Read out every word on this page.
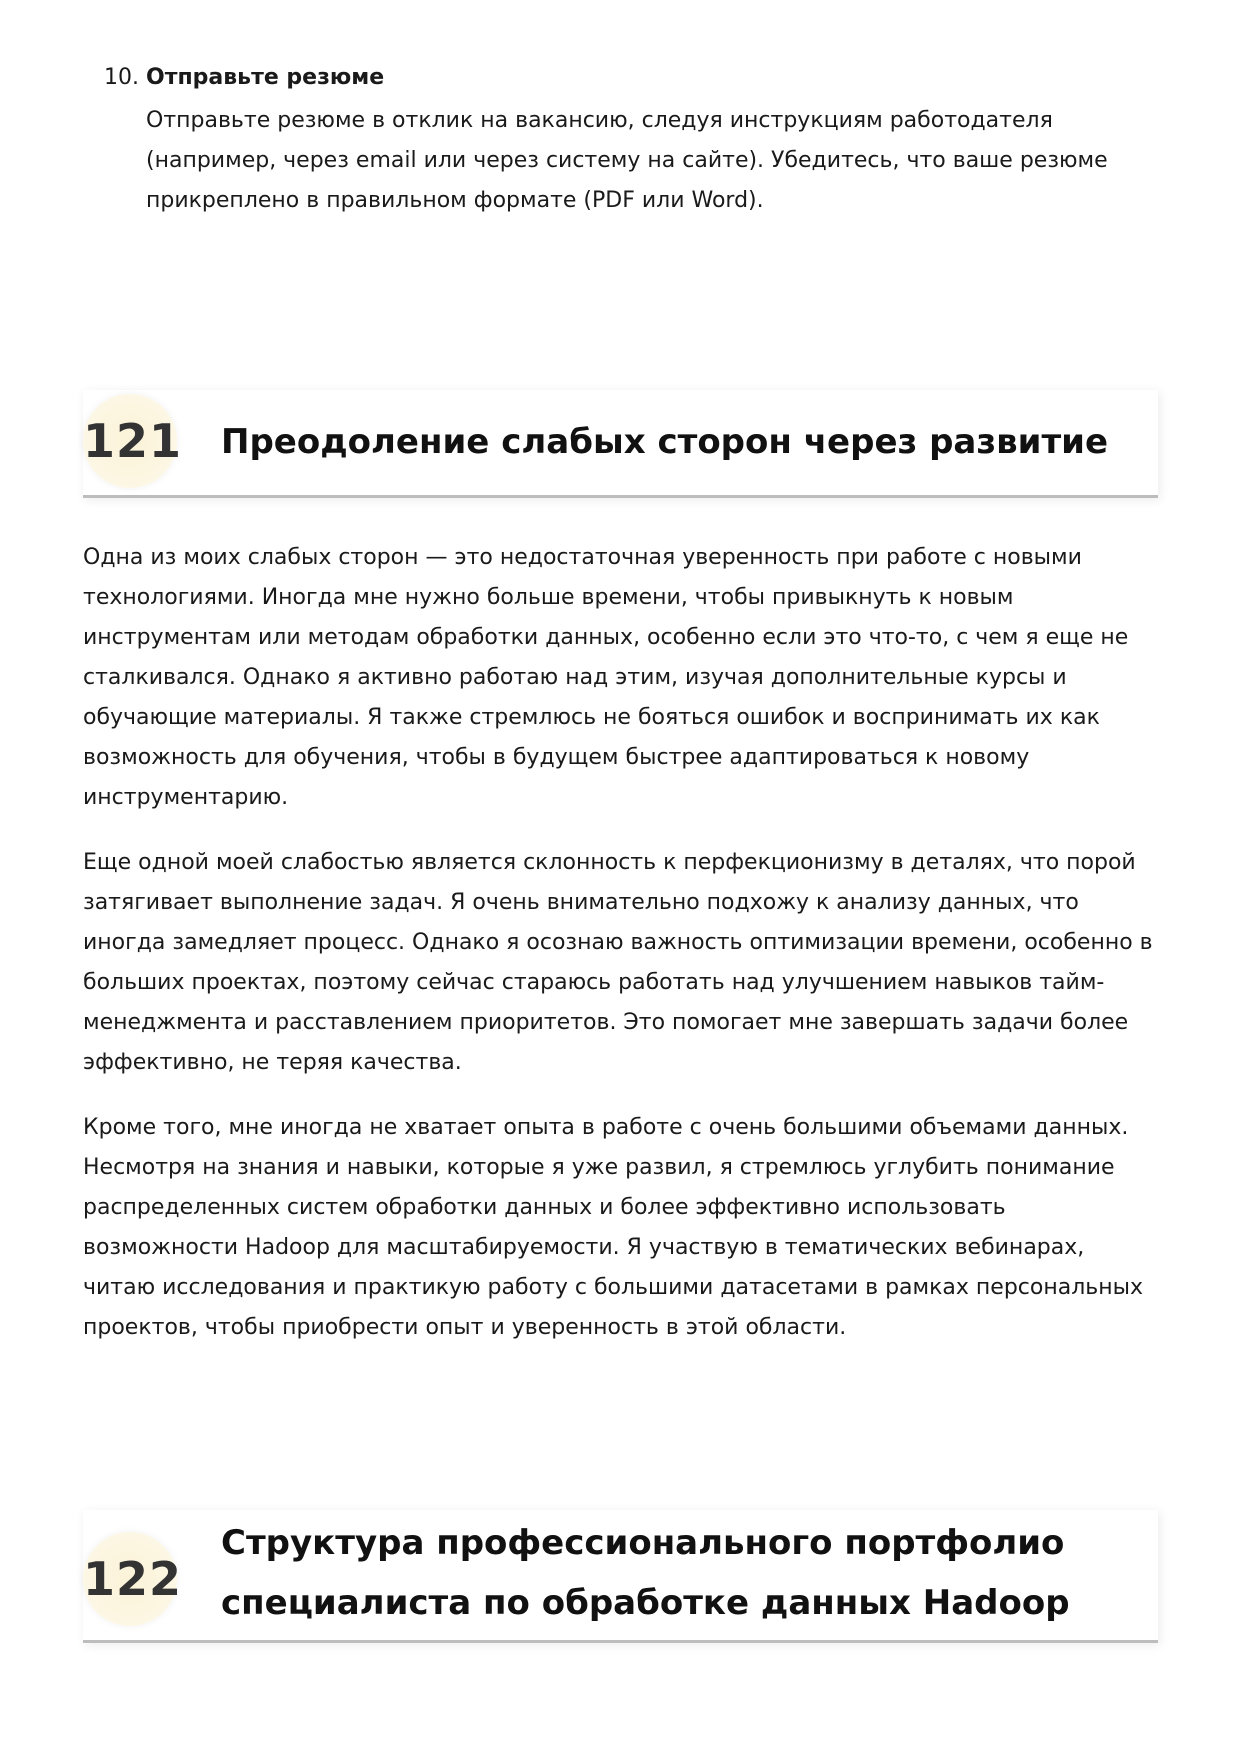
10. Отправьте резюме
Отправьте резюме в отклик на вакансию, следуя инструкциям работодателя (например, через email или через систему на сайте). Убедитесь, что ваше резюме прикреплено в правильном формате (PDF или Word).
121 Преодоление слабых сторон через развитие

Одна из моих слабых сторон — это недостаточная уверенность при работе с новыми технологиями. Иногда мне нужно больше времени, чтобы привыкнуть к новым инструментам или методам обработки данных, особенно если это что-то, с чем я еще не сталкивался. Однако я активно работаю над этим, изучая дополнительные курсы и обучающие материалы. Я также стремлюсь не бояться ошибок и воспринимать их как возможность для обучения, чтобы в будущем быстрее адаптироваться к новому инструментарию.

Еще одной моей слабостью является склонность к перфекционизму в деталях, что порой затягивает выполнение задач. Я очень внимательно подхожу к анализу данных, что иногда замедляет процесс. Однако я осознаю важность оптимизации времени, особенно в больших проектах, поэтому сейчас стараюсь работать над улучшением навыков тайм-менеджмента и расставлением приоритетов. Это помогает мне завершать задачи более эффективно, не теряя качества.

Кроме того, мне иногда не хватает опыта в работе с очень большими объемами данных. Несмотря на знания и навыки, которые я уже развил, я стремлюсь углубить понимание распределенных систем обработки данных и более эффективно использовать возможности Hadoop для масштабируемости. Я участвую в тематических вебинарах, читаю исследования и практикую работу с большими датасетами в рамках персональных проектов, чтобы приобрести опыт и уверенность в этой области.

122
Структура профессионального портфолио специалиста по обработке данных Hadoop
